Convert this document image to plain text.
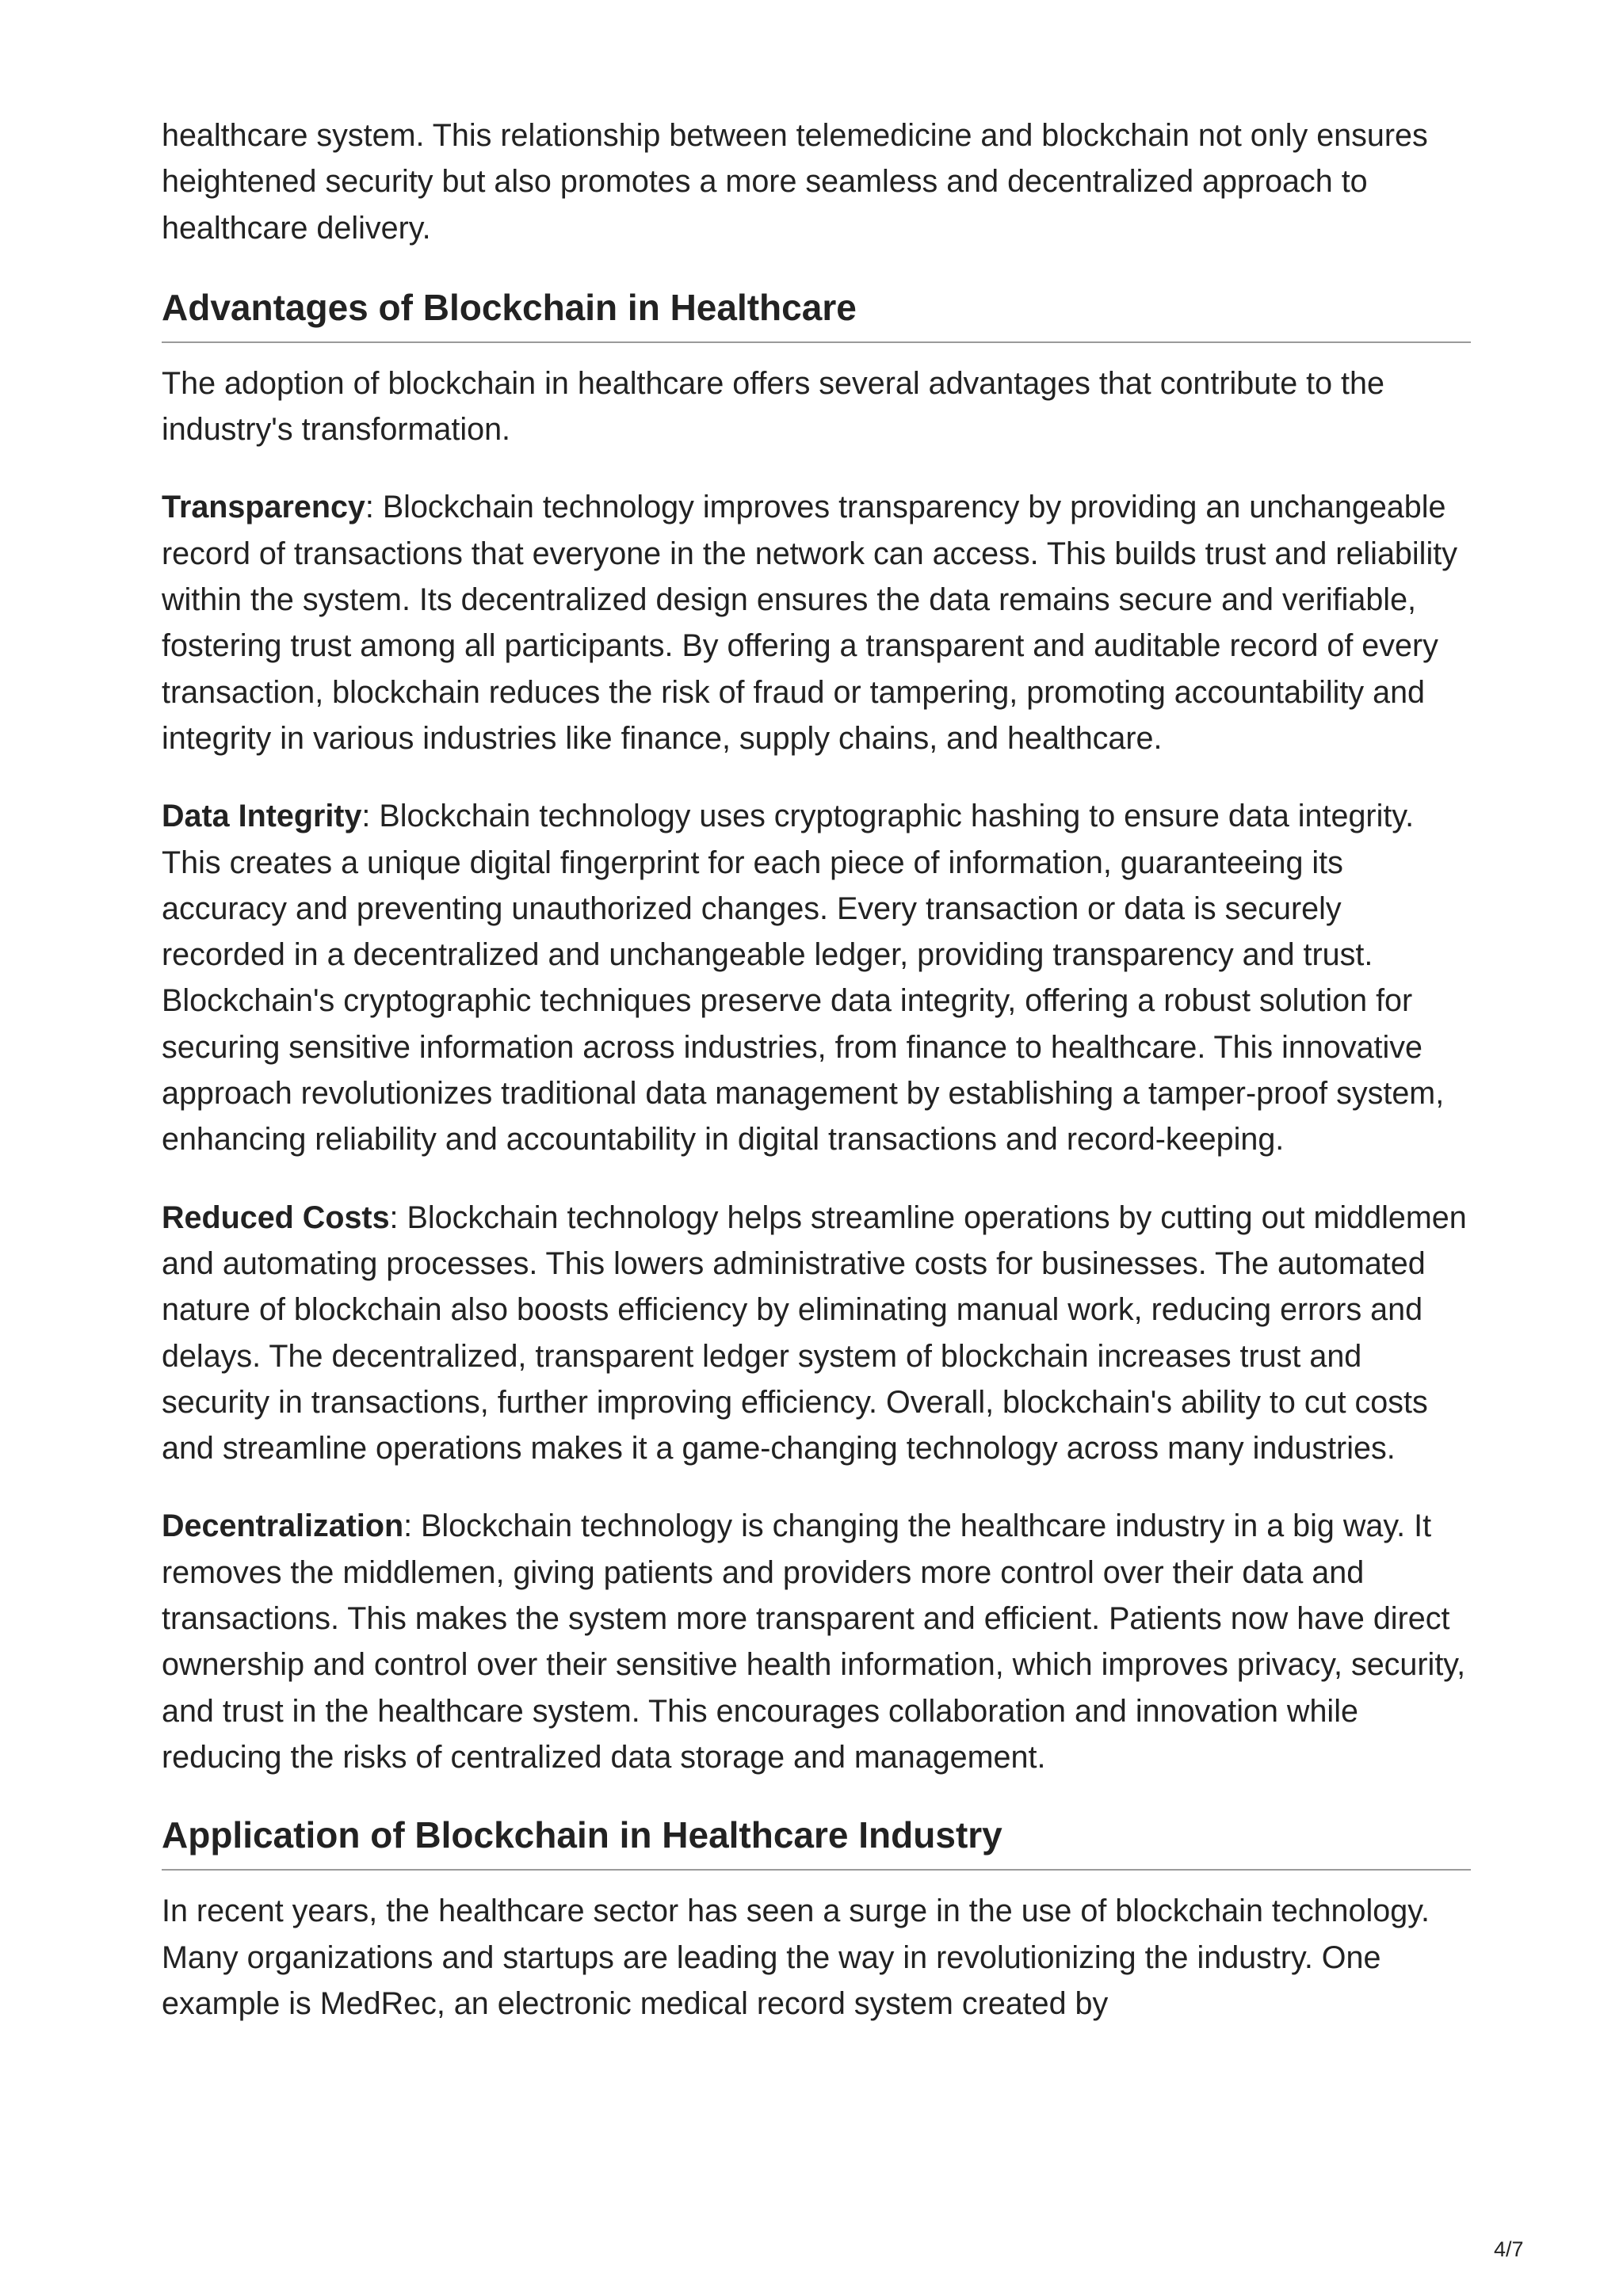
healthcare system. This relationship between telemedicine and blockchain not only ensures heightened security but also promotes a more seamless and decentralized approach to healthcare delivery.

Advantages of Blockchain in Healthcare

The adoption of blockchain in healthcare offers several advantages that contribute to the industry's transformation.

Transparency: Blockchain technology improves transparency by providing an unchangeable record of transactions that everyone in the network can access. This builds trust and reliability within the system. Its decentralized design ensures the data remains secure and verifiable, fostering trust among all participants. By offering a transparent and auditable record of every transaction, blockchain reduces the risk of fraud or tampering, promoting accountability and integrity in various industries like finance, supply chains, and healthcare.

Data Integrity: Blockchain technology uses cryptographic hashing to ensure data integrity. This creates a unique digital fingerprint for each piece of information, guaranteeing its accuracy and preventing unauthorized changes. Every transaction or data is securely recorded in a decentralized and unchangeable ledger, providing transparency and trust. Blockchain's cryptographic techniques preserve data integrity, offering a robust solution for securing sensitive information across industries, from finance to healthcare. This innovative approach revolutionizes traditional data management by establishing a tamper-proof system, enhancing reliability and accountability in digital transactions and record-keeping.

Reduced Costs: Blockchain technology helps streamline operations by cutting out middlemen and automating processes. This lowers administrative costs for businesses. The automated nature of blockchain also boosts efficiency by eliminating manual work, reducing errors and delays. The decentralized, transparent ledger system of blockchain increases trust and security in transactions, further improving efficiency. Overall, blockchain's ability to cut costs and streamline operations makes it a game-changing technology across many industries.

Decentralization: Blockchain technology is changing the healthcare industry in a big way. It removes the middlemen, giving patients and providers more control over their data and transactions. This makes the system more transparent and efficient. Patients now have direct ownership and control over their sensitive health information, which improves privacy, security, and trust in the healthcare system. This encourages collaboration and innovation while reducing the risks of centralized data storage and management.

Application of Blockchain in Healthcare Industry

In recent years, the healthcare sector has seen a surge in the use of blockchain technology. Many organizations and startups are leading the way in revolutionizing the industry. One example is MedRec, an electronic medical record system created by

4/7
